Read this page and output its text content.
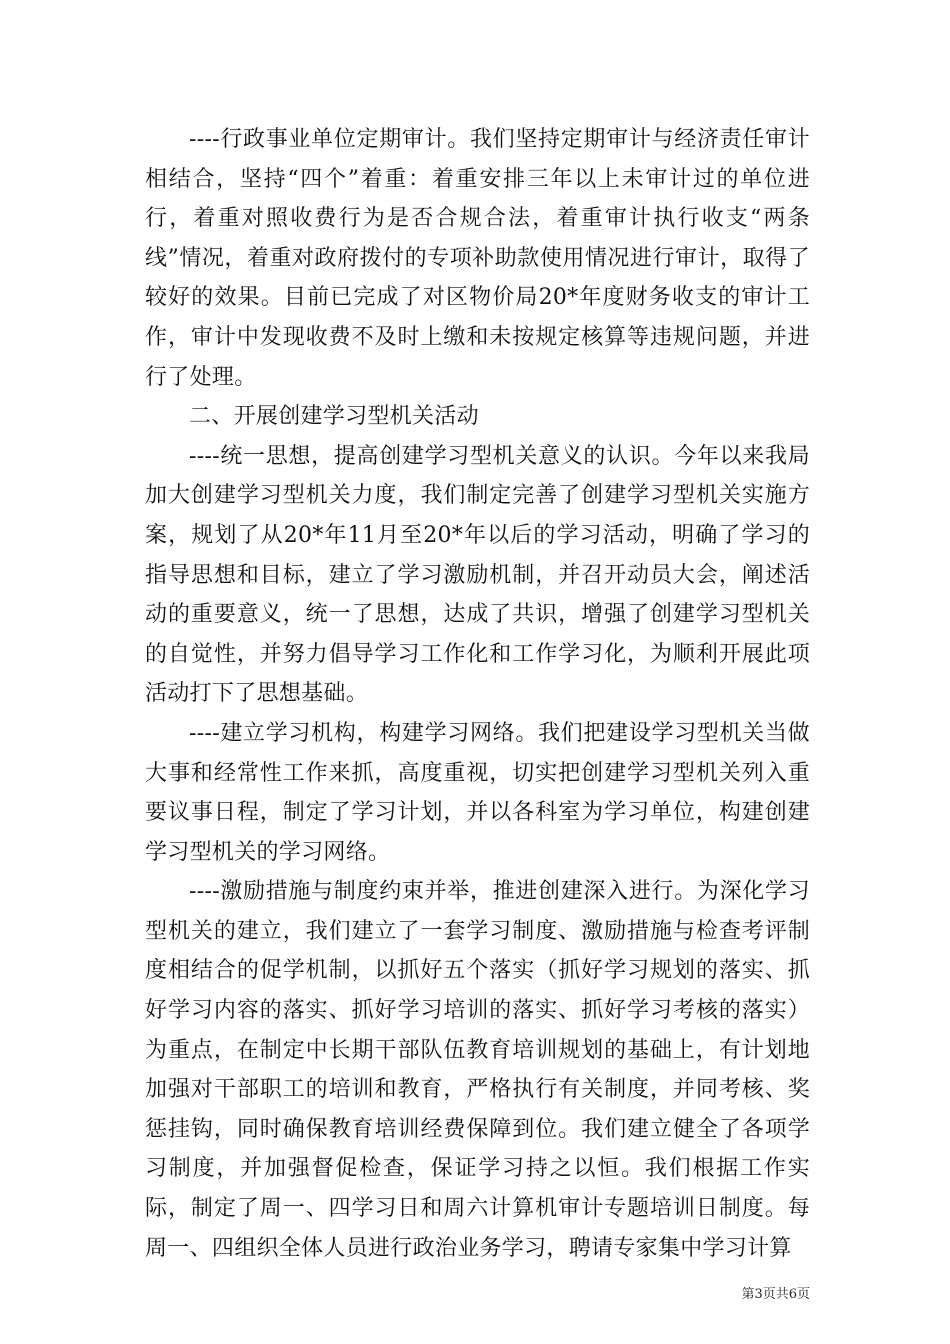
----行政事业单位定期审计。我们坚持定期审计与经济责任审计相结合，坚持“四个”着重：着重安排三年以上未审计过的单位进行，着重对照收费行为是否合规合法，着重审计执行收支“两条线”情况，着重对政府拨付的专项补助款使用情况进行审计，取得了较好的效果。目前已完成了对区物价局20*年度财务收支的审计工作，审计中发现收费不及时上缴和未按规定核算等违规问题，并进行了处理。

二、开展创建学习型机关活动

----统一思想，提高创建学习型机关意义的认识。今年以来我局加大创建学习型机关力度，我们制定完善了创建学习型机关实施方案，规划了从20*年11月至20*年以后的学习活动，明确了学习的指导思想和目标，建立了学习激励机制，并召开动员大会，阐述活动的重要意义，统一了思想，达成了共识，增强了创建学习型机关的自觉性，并努力倡导学习工作化和工作学习化，为顺利开展此项活动打下了思想基础。

----建立学习机构，构建学习网络。我们把建设学习型机关当做大事和经常性工作来抓，高度重视，切实把创建学习型机关列入重要议事日程，制定了学习计划，并以各科室为学习单位，构建创建学习型机关的学习网络。

----激励措施与制度约束并举，推进创建深入进行。为深化学习型机关的建立，我们建立了一套学习制度、激励措施与检查考评制度相结合的促学机制，以抓好五个落实（抓好学习规划的落实、抓好学习内容的落实、抓好学习培训的落实、抓好学习考核的落实）为重点，在制定中长期干部队伍教育培训规划的基础上，有计划地加强对干部职工的培训和教育，严格执行有关制度，并同考核、奖惩挂钩，同时确保教育培训经费保障到位。我们建立健全了各项学习制度，并加强督促检查，保证学习持之以恒。我们根据工作实际，制定了周一、四学习日和周六计算机审计专题培训日制度。每周一、四组织全体人员进行政治业务学习，聘请专家集中学习计算

第3页共6页
